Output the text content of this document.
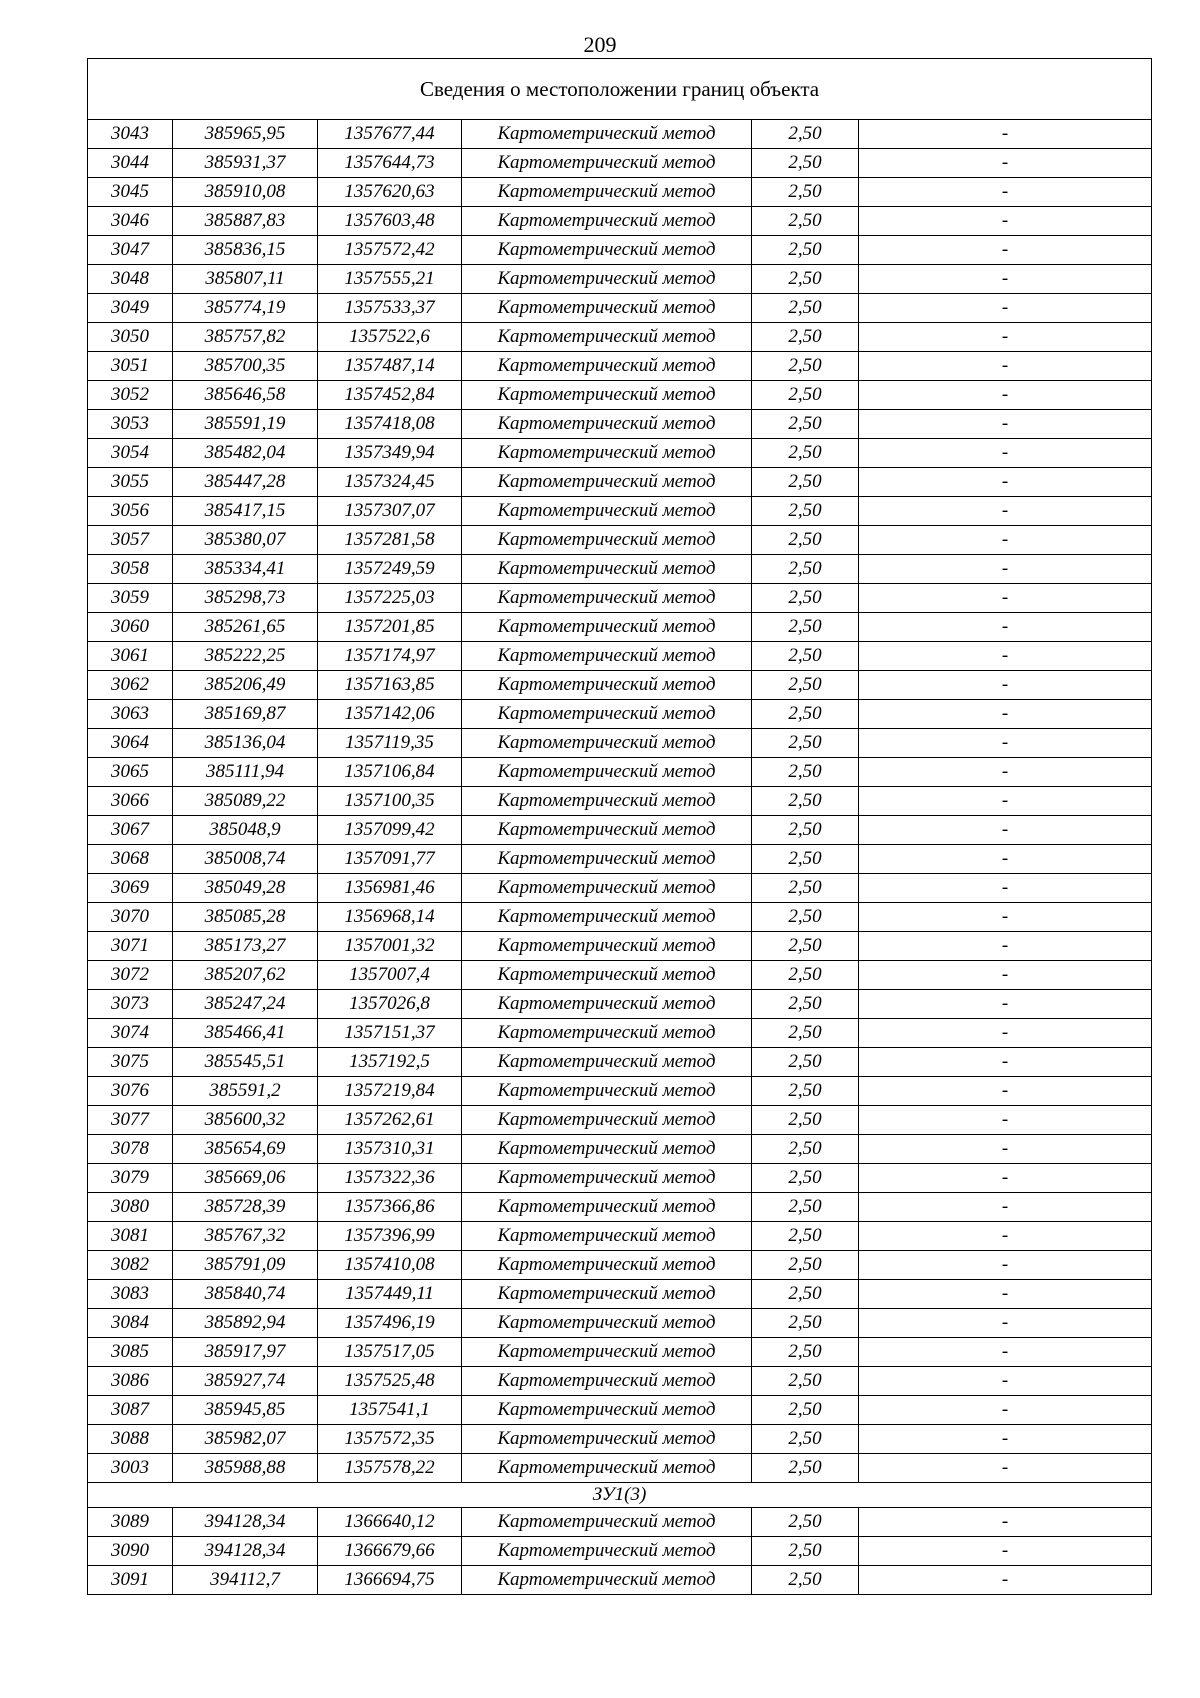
209
Сведения о местоположении границ объекта					
3043	385965,95	1357677,44	Картометрический метод	2,50	-
3044	385931,37	1357644,73	Картометрический метод	2,50	-
3045	385910,08	1357620,63	Картометрический метод	2,50	-
3046	385887,83	1357603,48	Картометрический метод	2,50	-
3047	385836,15	1357572,42	Картометрический метод	2,50	-
3048	385807,11	1357555,21	Картометрический метод	2,50	-
3049	385774,19	1357533,37	Картометрический метод	2,50	-
3050	385757,82	1357522,6	Картометрический метод	2,50	-
3051	385700,35	1357487,14	Картометрический метод	2,50	-
3052	385646,58	1357452,84	Картометрический метод	2,50	-
3053	385591,19	1357418,08	Картометрический метод	2,50	-
3054	385482,04	1357349,94	Картометрический метод	2,50	-
3055	385447,28	1357324,45	Картометрический метод	2,50	-
3056	385417,15	1357307,07	Картометрический метод	2,50	-
3057	385380,07	1357281,58	Картометрический метод	2,50	-
3058	385334,41	1357249,59	Картометрический метод	2,50	-
3059	385298,73	1357225,03	Картометрический метод	2,50	-
3060	385261,65	1357201,85	Картометрический метод	2,50	-
3061	385222,25	1357174,97	Картометрический метод	2,50	-
3062	385206,49	1357163,85	Картометрический метод	2,50	-
3063	385169,87	1357142,06	Картометрический метод	2,50	-
3064	385136,04	1357119,35	Картометрический метод	2,50	-
3065	385111,94	1357106,84	Картометрический метод	2,50	-
3066	385089,22	1357100,35	Картометрический метод	2,50	-
3067	385048,9	1357099,42	Картометрический метод	2,50	-
3068	385008,74	1357091,77	Картометрический метод	2,50	-
3069	385049,28	1356981,46	Картометрический метод	2,50	-
3070	385085,28	1356968,14	Картометрический метод	2,50	-
3071	385173,27	1357001,32	Картометрический метод	2,50	-
3072	385207,62	1357007,4	Картометрический метод	2,50	-
3073	385247,24	1357026,8	Картометрический метод	2,50	-
3074	385466,41	1357151,37	Картометрический метод	2,50	-
3075	385545,51	1357192,5	Картометрический метод	2,50	-
3076	385591,2	1357219,84	Картометрический метод	2,50	-
3077	385600,32	1357262,61	Картометрический метод	2,50	-
3078	385654,69	1357310,31	Картометрический метод	2,50	-
3079	385669,06	1357322,36	Картометрический метод	2,50	-
3080	385728,39	1357366,86	Картометрический метод	2,50	-
3081	385767,32	1357396,99	Картометрический метод	2,50	-
3082	385791,09	1357410,08	Картометрический метод	2,50	-
3083	385840,74	1357449,11	Картометрический метод	2,50	-
3084	385892,94	1357496,19	Картометрический метод	2,50	-
3085	385917,97	1357517,05	Картометрический метод	2,50	-
3086	385927,74	1357525,48	Картометрический метод	2,50	-
3087	385945,85	1357541,1	Картометрический метод	2,50	-
3088	385982,07	1357572,35	Картометрический метод	2,50	-
3003	385988,88	1357578,22	Картометрический метод	2,50	-
ЗУ1(3)					
3089	394128,34	1366640,12	Картометрический метод	2,50	-
3090	394128,34	1366679,66	Картометрический метод	2,50	-
3091	394112,7	1366694,75	Картометрический метод	2,50	-
